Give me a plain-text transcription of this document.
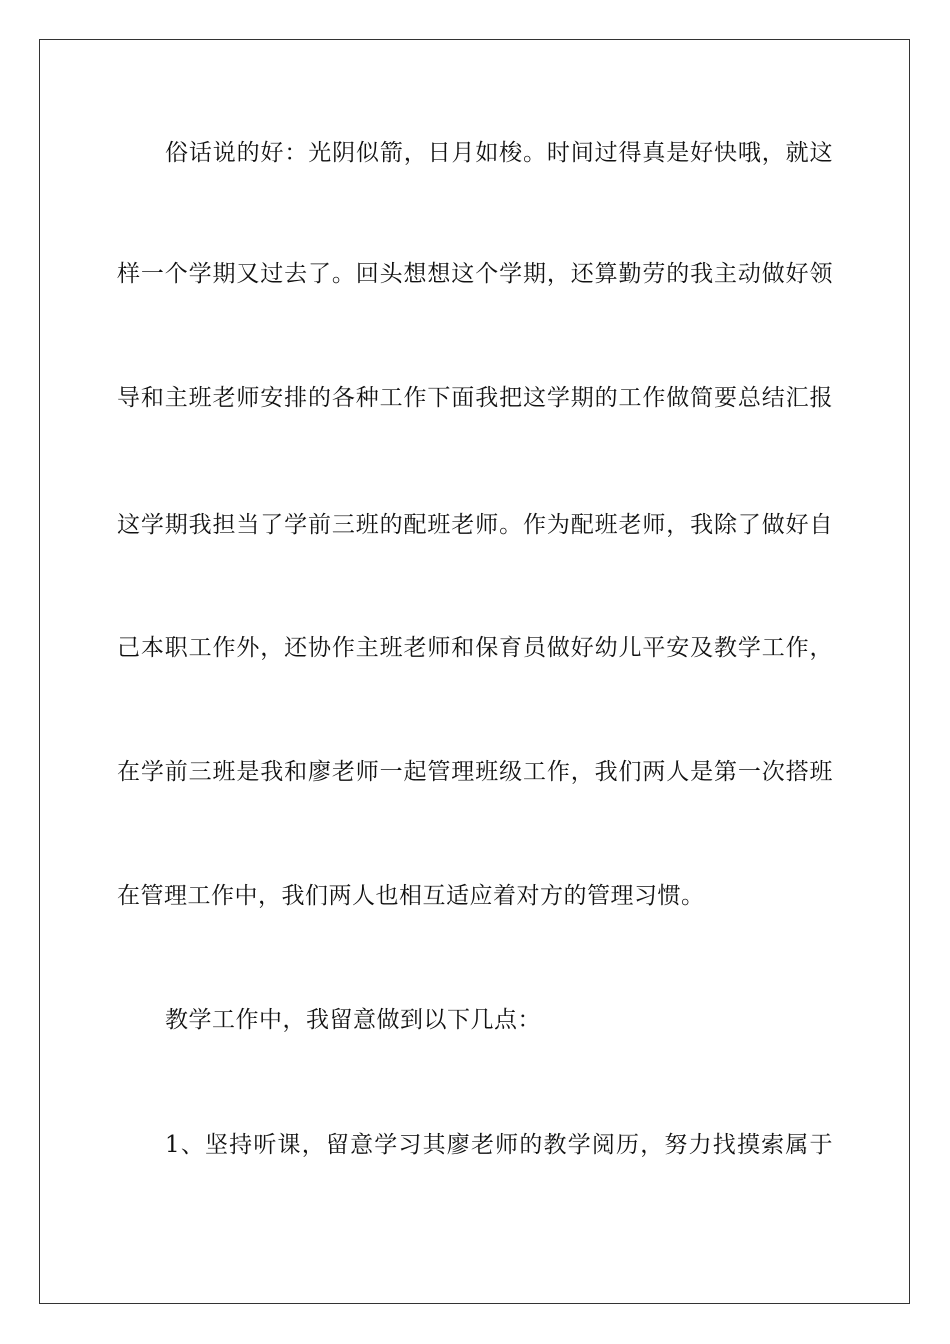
俗话说的好：光阴似箭，日月如梭。时间过得真是好快哦，就这
样一个学期又过去了。回头想想这个学期，还算勤劳的我主动做好领
导和主班老师安排的各种工作下面我把这学期的工作做简要总结汇报
这学期我担当了学前三班的配班老师。作为配班老师，我除了做好自
己本职工作外，还协作主班老师和保育员做好幼儿平安及教学工作，
在学前三班是我和廖老师一起管理班级工作，我们两人是第一次搭班
在管理工作中，我们两人也相互适应着对方的管理习惯。
教学工作中，我留意做到以下几点：
1、坚持听课，留意学习其廖老师的教学阅历，努力找摸索属于
